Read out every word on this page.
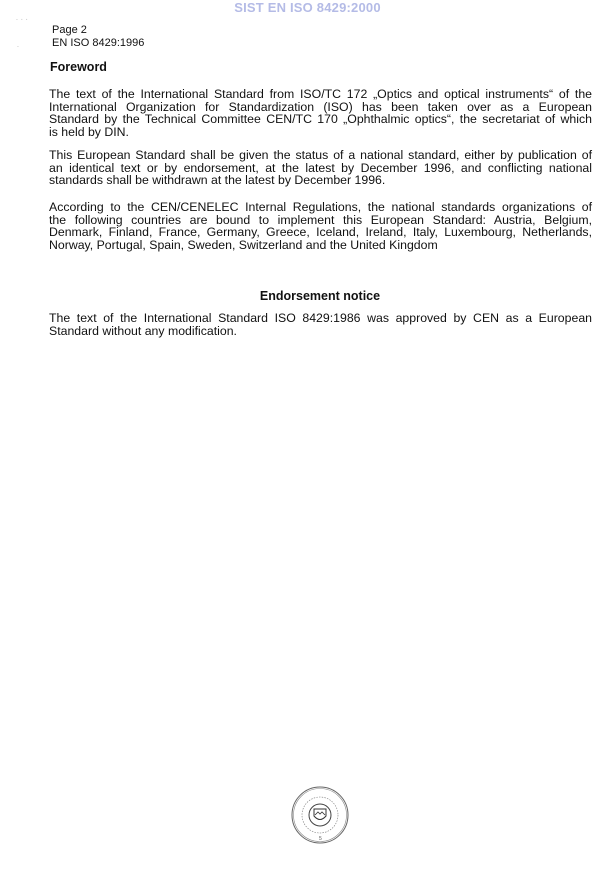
SIST EN ISO 8429:2000
˙ ˙ ˙
˙
Page 2
EN ISO 8429:1996
Foreword
The text of the International Standard from ISO/TC 172 „Optics and optical instruments“ of the
International Organization for Standardization (ISO) has been taken over as a European
Standard by the Technical Committee CEN/TC 170 „Ophthalmic optics“, the secretariat of which
is held by DIN.
This European Standard shall be given the status of a national standard, either by publication of
an identical text or by endorsement, at the latest by December 1996, and conflicting national
standards shall be withdrawn at the latest by December 1996.
According to the CEN/CENELEC Internal Regulations, the national standards organizations of
the following countries are bound to implement this European Standard: Austria, Belgium,
Denmark, Finland, France, Germany, Greece, Iceland, Ireland, Italy, Luxembourg, Netherlands,
Norway, Portugal, Spain, Sweden, Switzerland and the United Kingdom
Endorsement notice
The text of the International Standard ISO 8429:1986 was approved by CEN as a European
Standard without any modification.
5
